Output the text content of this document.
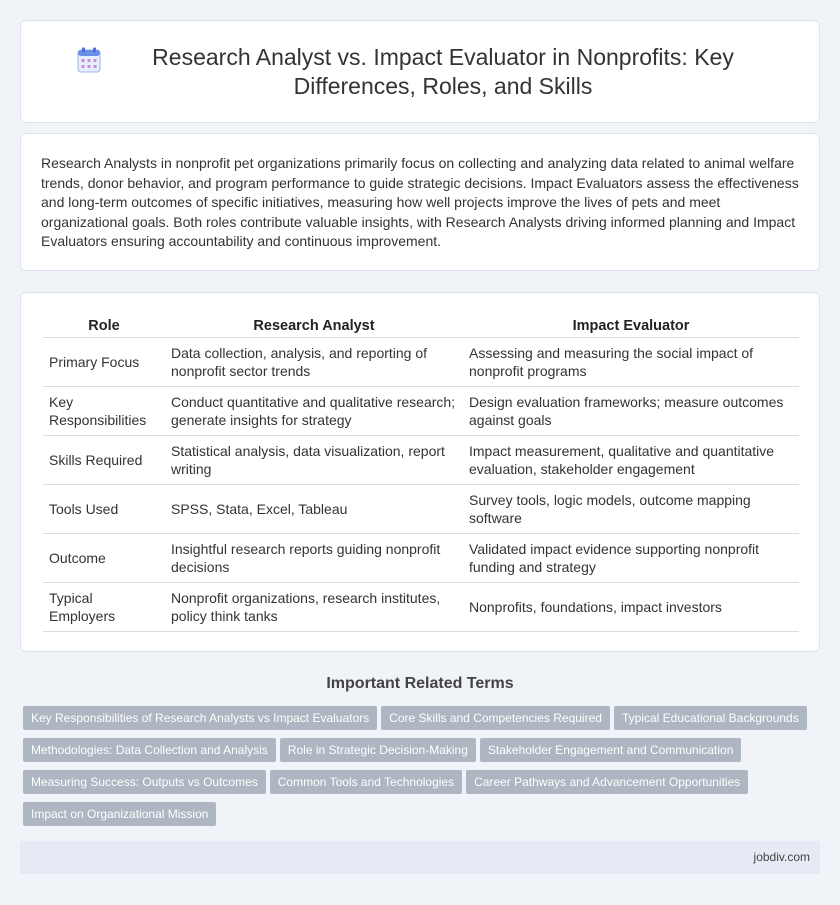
Research Analyst vs. Impact Evaluator in Nonprofits: Key Differences, Roles, and Skills

Research Analysts in nonprofit pet organizations primarily focus on collecting and analyzing data related to animal welfare trends, donor behavior, and program performance to guide strategic decisions. Impact Evaluators assess the effectiveness and long-term outcomes of specific initiatives, measuring how well projects improve the lives of pets and meet organizational goals. Both roles contribute valuable insights, with Research Analysts driving informed planning and Impact Evaluators ensuring accountability and continuous improvement.

Role	Research Analyst	Impact Evaluator
Primary Focus	Data collection, analysis, and reporting of nonprofit sector trends	Assessing and measuring the social impact of nonprofit programs
Key Responsibilities	Conduct quantitative and qualitative research; generate insights for strategy	Design evaluation frameworks; measure outcomes against goals
Skills Required	Statistical analysis, data visualization, report writing	Impact measurement, qualitative and quantitative evaluation, stakeholder engagement
Tools Used	SPSS, Stata, Excel, Tableau	Survey tools, logic models, outcome mapping software
Outcome	Insightful research reports guiding nonprofit decisions	Validated impact evidence supporting nonprofit funding and strategy
Typical Employers	Nonprofit organizations, research institutes, policy think tanks	Nonprofits, foundations, impact investors
Important Related Terms
Key Responsibilities of Research Analysts vs Impact Evaluators Core Skills and Competencies Required Typical Educational BackgroundsMethodologies: Data Collection and Analysis Role in Strategic Decision-Making Stakeholder Engagement and CommunicationMeasuring Success: Outputs vs Outcomes Common Tools and Technologies Career Pathways and Advancement OpportunitiesImpact on Organizational Mission
jobdiv.com
